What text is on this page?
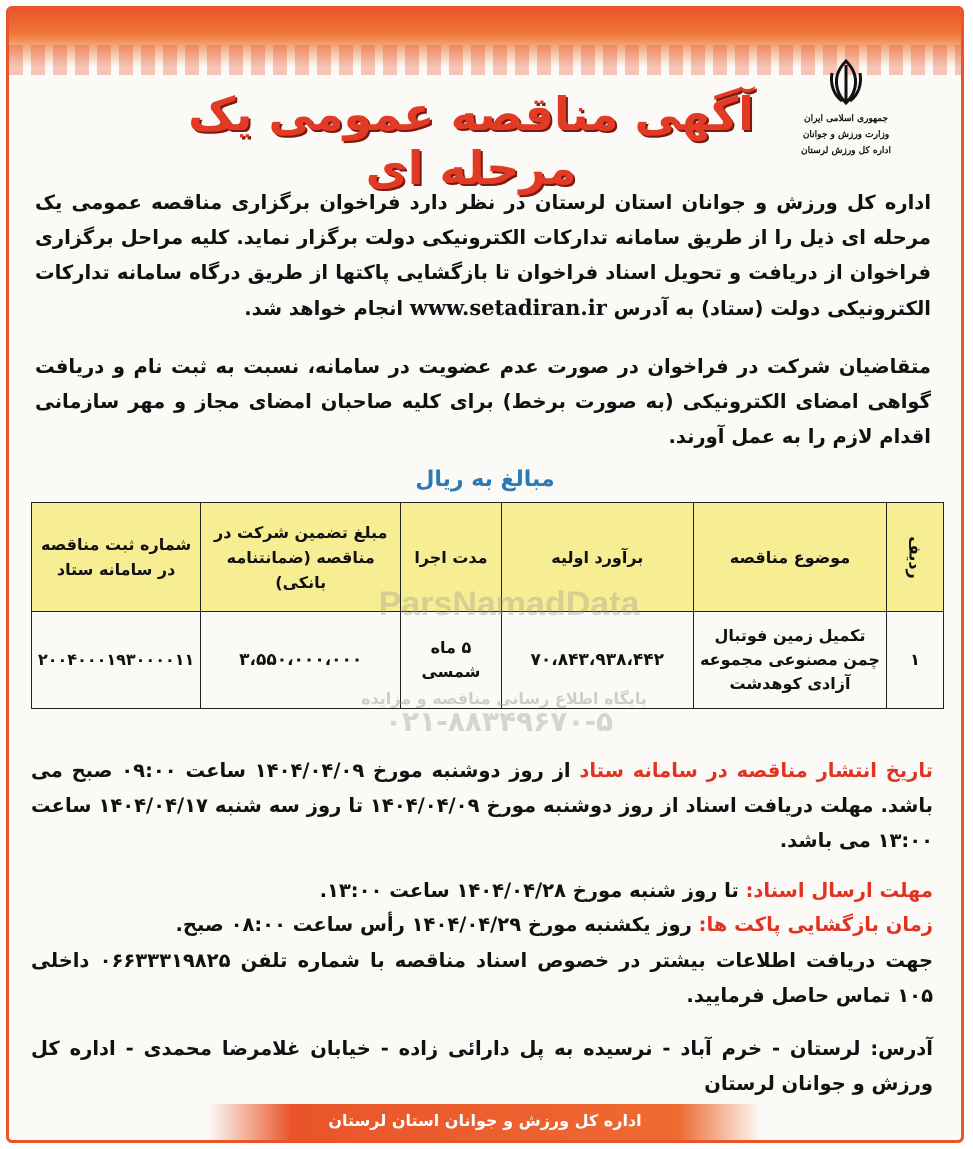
جمهوری اسلامی ایران
وزارت ورزش و جوانان
اداره کل ورزش لرستان
آگهی مناقصه عمومی یک مرحله ای
اداره کل ورزش و جوانان استان لرستان در نظر دارد فراخوان برگزاری مناقصه عمومی یک مرحله ای ذیل را از طریق سامانه تدارکات الکترونیکی دولت برگزار نماید. کلیه مراحل برگزاری فراخوان از دریافت و تحویل اسناد فراخوان تا بازگشایی پاکتها از طریق درگاه سامانه تدارکات الکترونیکی دولت (ستاد) به آدرس www.setadiran.ir انجام خواهد شد.
متقاضیان شرکت در فراخوان در صورت عدم عضویت در سامانه، نسبت به ثبت نام و دریافت گواهی امضای الکترونیکی (به صورت برخط) برای کلیه صاحبان امضای مجاز و مهر سازمانی اقدام لازم را به عمل آورند.
مبالغ به ریال
ردیف	موضوع مناقصه	برآورد اولیه	مدت اجرا	مبلغ تضمین شرکت در مناقصه (ضمانتنامه بانکی)	شماره ثبت مناقصه در سامانه ستاد
۱	تکمیل زمین فوتبال چمن مصنوعی مجموعه آزادی کوهدشت	۷۰،۸۴۳،۹۳۸،۴۴۲	۵ ماه شمسی	۳،۵۵۰،۰۰۰،۰۰۰	۲۰۰۴۰۰۰۱۹۳۰۰۰۰۱۱
ParsNamadData
پایگاه اطلاع رسانی مناقصه و مزایده
۰۲۱-۸۸۳۴۹۶۷۰-۵
تاریخ انتشار مناقصه در سامانه ستاد از روز دوشنبه مورخ ۱۴۰۴/۰۴/۰۹ ساعت ۰۹:۰۰ صبح می باشد. مهلت دریافت اسناد از روز دوشنبه مورخ ۱۴۰۴/۰۴/۰۹ تا روز سه شنبه ۱۴۰۴/۰۴/۱۷ ساعت ۱۳:۰۰ می باشد.
مهلت ارسال اسناد: تا روز شنبه مورخ ۱۴۰۴/۰۴/۲۸ ساعت ۱۳:۰۰.
زمان بازگشایی پاکت ها: روز یکشنبه مورخ ۱۴۰۴/۰۴/۲۹ رأس ساعت ۰۸:۰۰ صبح.
جهت دریافت اطلاعات بیشتر در خصوص اسناد مناقصه با شماره تلفن ۰۶۶۳۳۳۱۹۸۲۵ داخلی ۱۰۵ تماس حاصل فرمایید.
آدرس: لرستان - خرم آباد - نرسیده به پل دارائی زاده - خیابان غلامرضا محمدی - اداره کل ورزش و جوانان لرستان
اداره کل ورزش و جوانان استان لرستان
